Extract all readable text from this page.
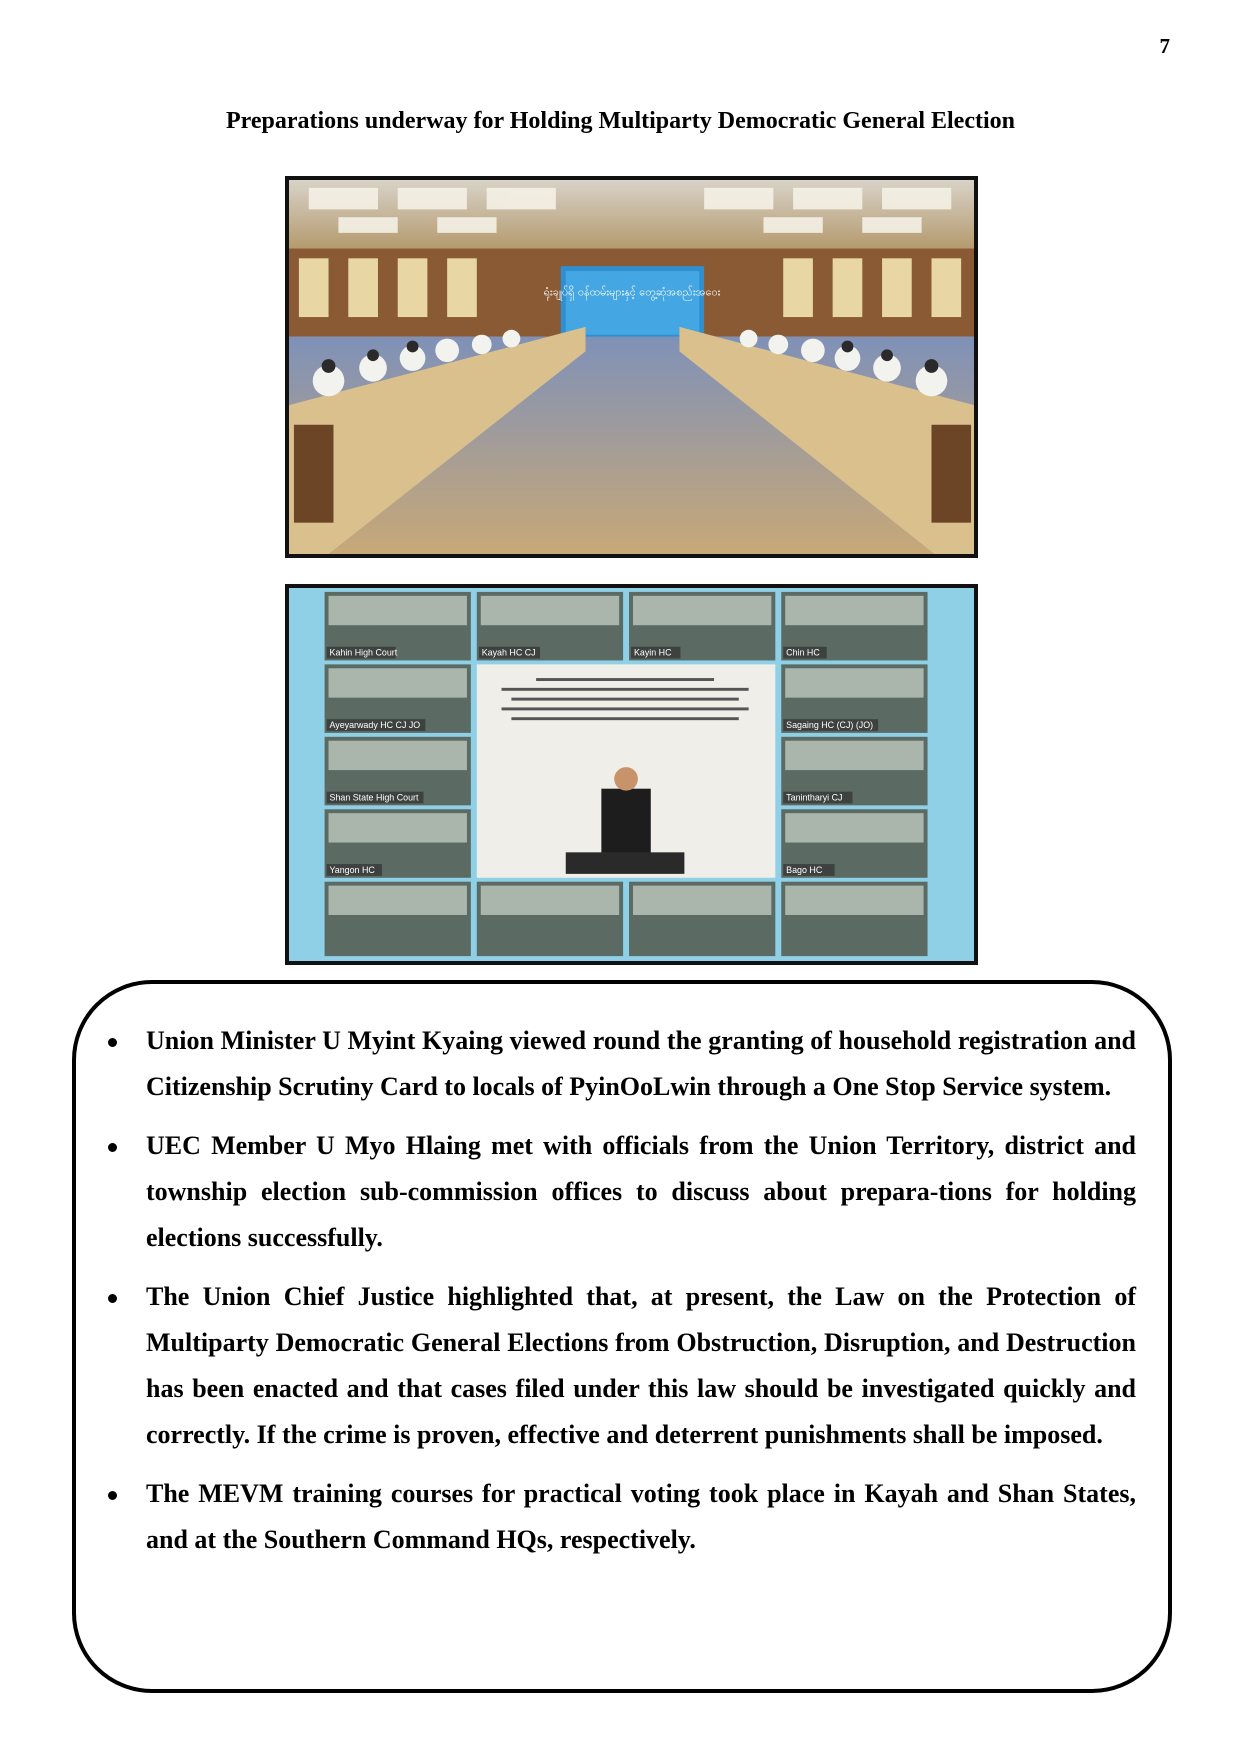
7
Preparations underway for Holding Multiparty Democratic General Election
ရုံးချုပ်ရှိ ဝန်ထမ်းများနှင့် တွေ့ဆုံအစည်းအဝေး
Kahin High Court	Kayah HC CJ	Kayin HC	Chin HC
Ayeyarwady HC CJ JO	Sagaing HC (CJ) (JO)
Shan State High Court	Tanintharyi CJ
Yangon HC	Bago HC
Union Minister U Myint Kyaing viewed round the granting of household registration and Citizenship Scrutiny Card to locals of PyinOoLwin through a One Stop Service system.
UEC Member U Myo Hlaing met with officials from the Union Territory, district and township election sub-commission offices to discuss about prepara-tions for holding elections successfully.
The Union Chief Justice highlighted that, at present, the Law on the Protection of Multiparty Democratic General Elections from Obstruction, Disruption, and Destruction has been enacted and that cases filed under this law should be investigated quickly and correctly. If the crime is proven, effective and deterrent punishments shall be imposed.
The MEVM training courses for practical voting took place in Kayah and Shan States, and at the Southern Command HQs, respectively.
